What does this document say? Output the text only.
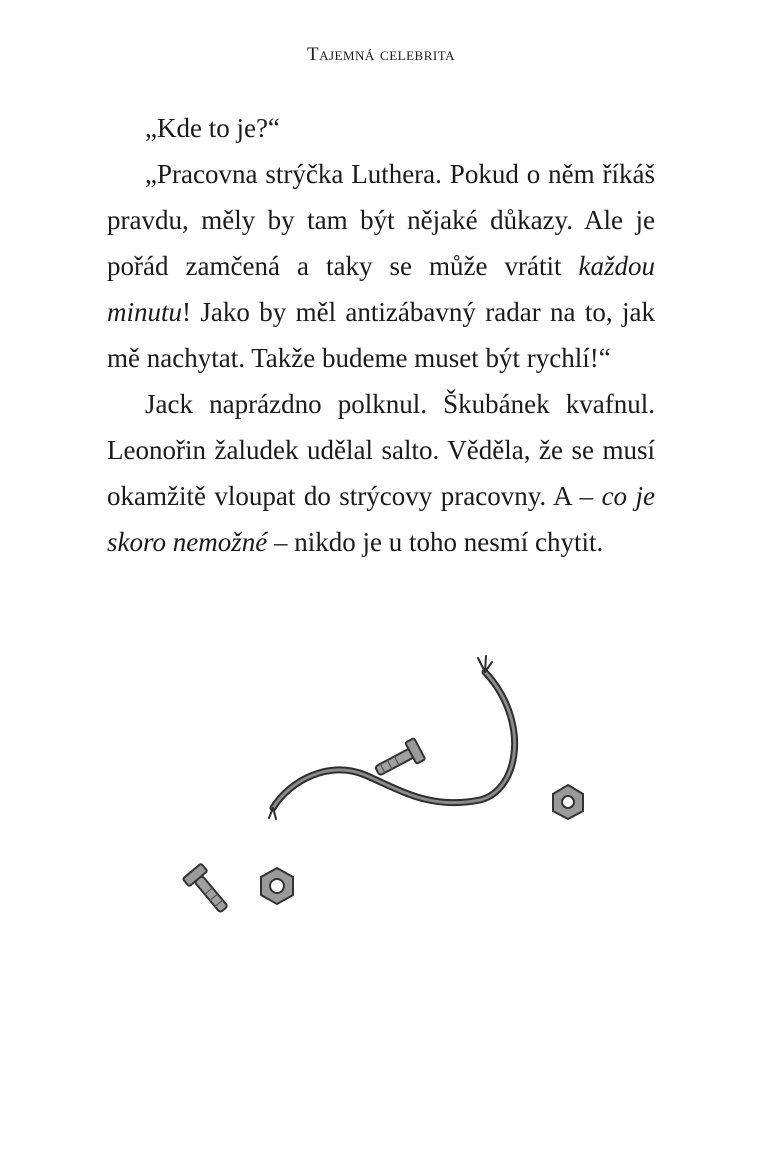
Tajemná celebrita

„Kde to je?“

„Pracovna strýčka Luthera. Pokud o něm říkáš pravdu, měly by tam být nějaké důkazy. Ale je pořád zamčená a taky se může vrátit každou minutu! Jako by měl antizábavný radar na to, jak mě nachytat. Takže budeme muset být rychlí!“

Jack naprázdno polknul. Škubánek kvafnul. Leonořin žaludek udělal salto. Věděla, že se musí okamžitě vloupat do strýcovy pracovny. A – co je skoro nemožné – nikdo je u toho nesmí chytit.
